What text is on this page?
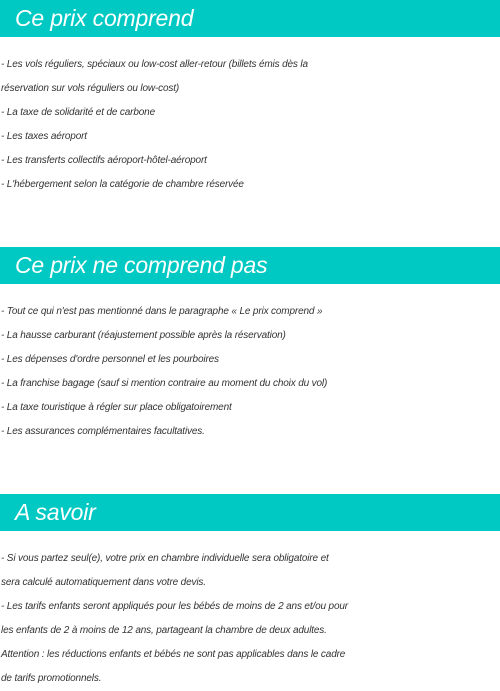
Ce prix comprend
- Les vols réguliers, spéciaux ou low-cost aller-retour (billets émis dès la
réservation sur vols réguliers ou low-cost)
- La taxe de solidarité et de carbone
- Les taxes aéroport
- Les transferts collectifs aéroport-hôtel-aéroport
- L'hébergement selon la catégorie de chambre réservée
Ce prix ne comprend pas
- Tout ce qui n'est pas mentionné dans le paragraphe « Le prix comprend »
- La hausse carburant (réajustement possible après la réservation)
- Les dépenses d'ordre personnel et les pourboires
- La franchise bagage (sauf si mention contraire au moment du choix du vol)
- La taxe touristique à régler sur place obligatoirement
- Les assurances complémentaires facultatives.
A savoir
- Si vous partez seul(e), votre prix en chambre individuelle sera obligatoire et
sera calculé automatiquement dans votre devis.
- Les tarifs enfants seront appliqués pour les bébés de moins de 2 ans et/ou pour
les enfants de 2 à moins de 12 ans, partageant la chambre de deux adultes.
Attention : les réductions enfants et bébés ne sont pas applicables dans le cadre
de tarifs promotionnels.
